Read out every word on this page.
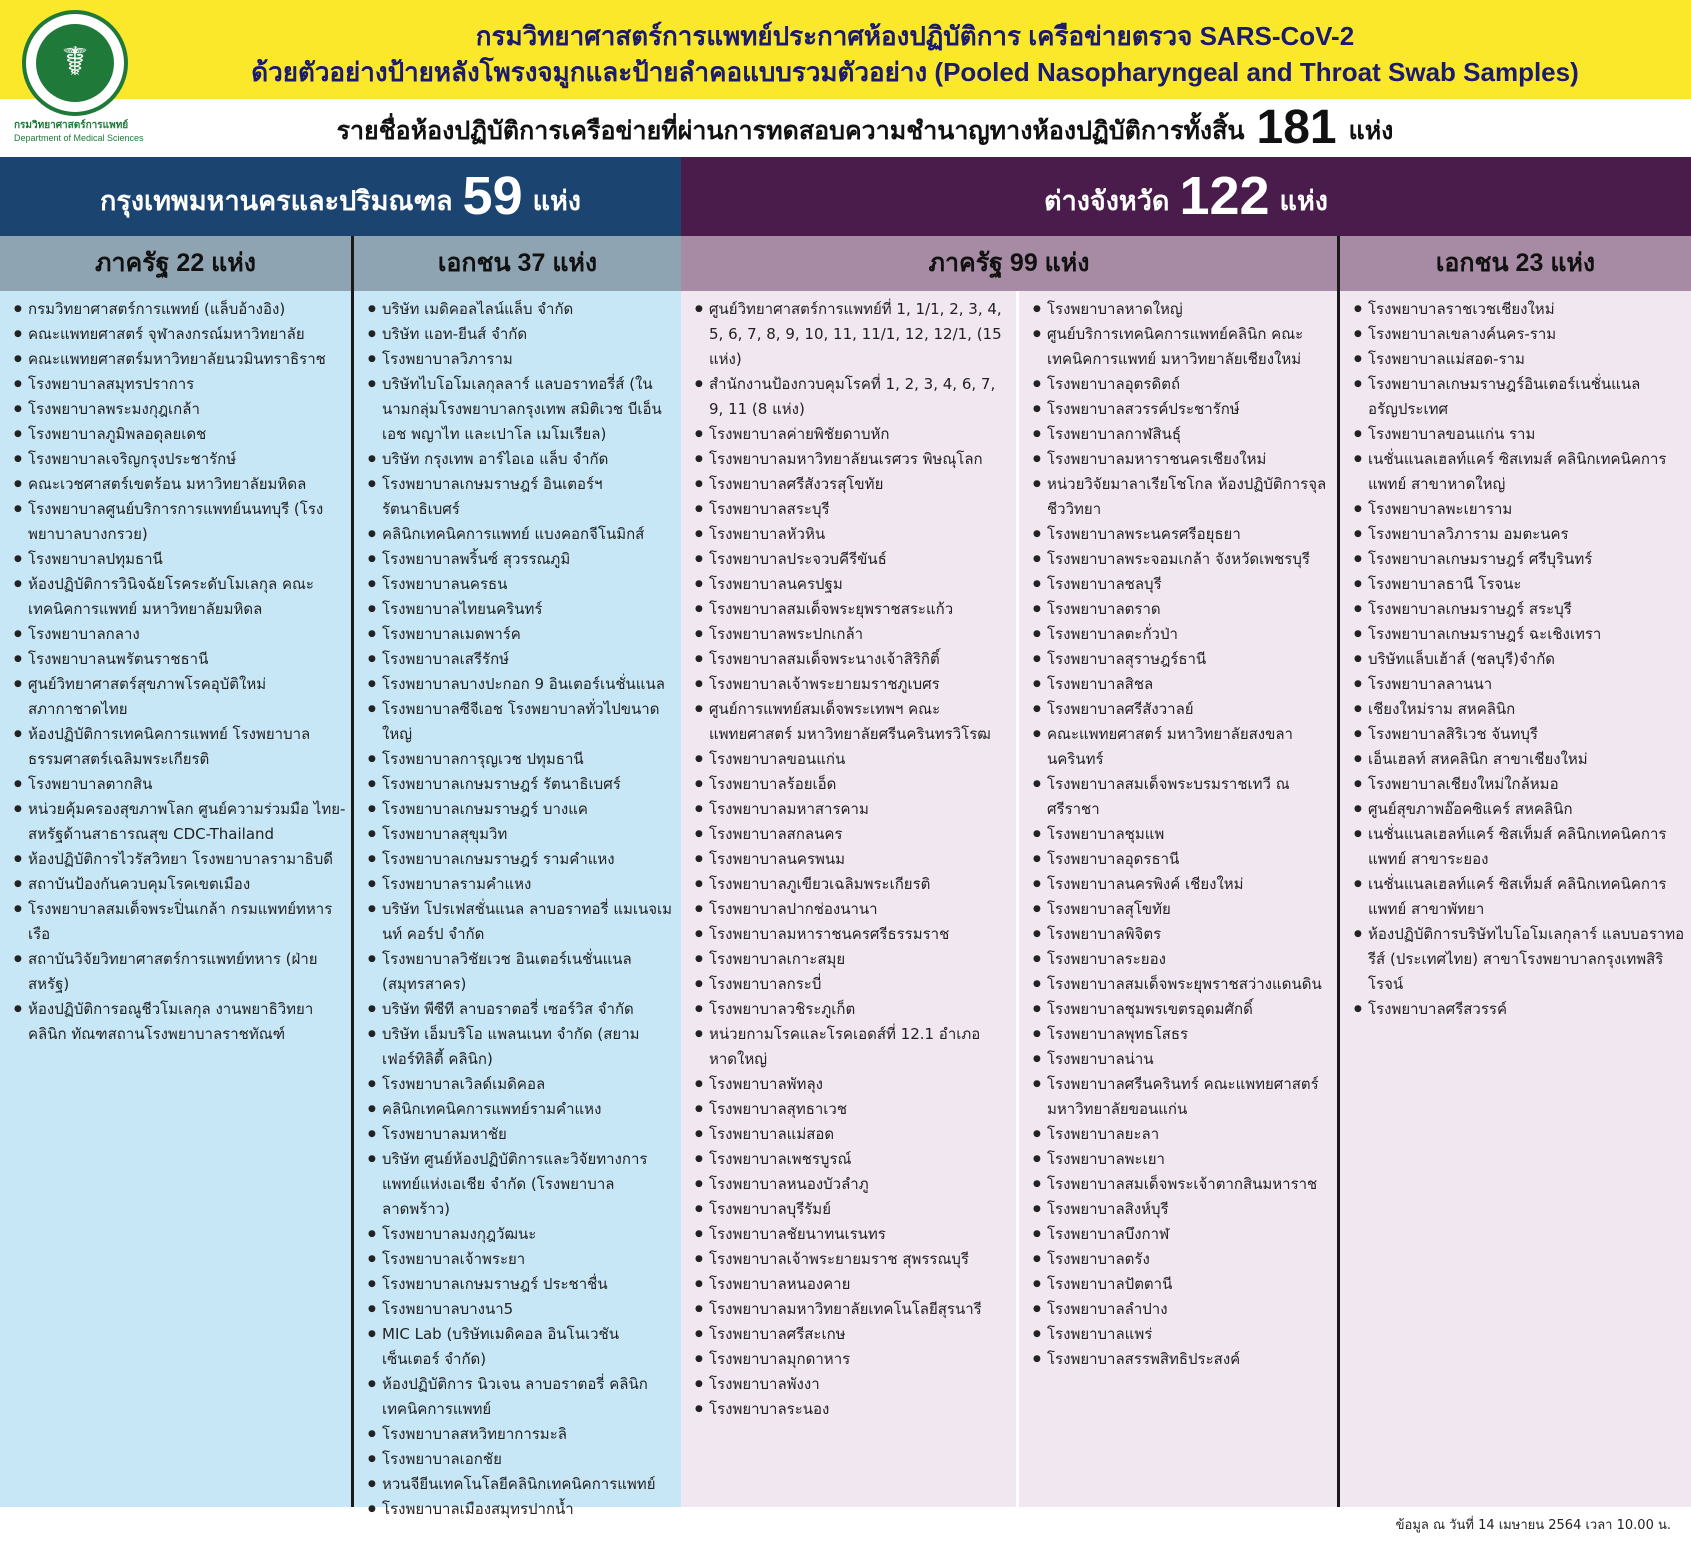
☤
กรมวิทยาศาสตร์การแพทย์ประกาศห้องปฏิบัติการ เครือข่ายตรวจ SARS-CoV-2
ด้วยตัวอย่างป้ายหลังโพรงจมูกและป้ายลำคอแบบรวมตัวอย่าง (Pooled Nasopharyngeal and Throat Swab Samples)
กรมวิทยาศาสตร์การแพทย์
Department of Medical Sciences	รายชื่อห้องปฏิบัติการเครือข่ายที่ผ่านการทดสอบความชำนาญทางห้องปฏิบัติการทั้งสิ้น 181 แห่ง
กรุงเทพมหานครและปริมณฑล 59 แห่ง	ต่างจังหวัด 122 แห่ง
ภาครัฐ 22 แห่ง	เอกชน 37 แห่ง	ภาครัฐ 99 แห่ง	เอกชน 23 แห่ง
● กรมวิทยาศาสตร์การแพทย์ (แล็บอ้างอิง)
● คณะแพทยศาสตร์ จุฬาลงกรณ์มหาวิทยาลัย
● คณะแพทยศาสตร์มหาวิทยาลัยนวมินทราธิราช
● โรงพยาบาลสมุทรปราการ
● โรงพยาบาลพระมงกุฎเกล้า
● โรงพยาบาลภูมิพลอดุลยเดช
● โรงพยาบาลเจริญกรุงประชารักษ์
● คณะเวชศาสตร์เขตร้อน มหาวิทยาลัยมหิดล
● โรงพยาบาลศูนย์บริการการแพทย์นนทบุรี (โรงพยาบาลบางกรวย)
● โรงพยาบาลปทุมธานี
● ห้องปฏิบัติการวินิจฉัยโรคระดับโมเลกุล คณะเทคนิคการแพทย์ มหาวิทยาลัยมหิดล
● โรงพยาบาลกลาง
● โรงพยาบาลนพรัตนราชธานี
● ศูนย์วิทยาศาสตร์สุขภาพโรคอุบัติใหม่ สภากาชาดไทย
● ห้องปฏิบัติการเทคนิคการแพทย์ โรงพยาบาลธรรมศาสตร์เฉลิมพระเกียรติ
● โรงพยาบาลตากสิน
● หน่วยคุ้มครองสุขภาพโลก ศูนย์ความร่วมมือ ไทย-สหรัฐด้านสาธารณสุข CDC-Thailand
● ห้องปฏิบัติการไวรัสวิทยา โรงพยาบาลรามาธิบดี
● สถาบันป้องกันควบคุมโรคเขตเมือง
● โรงพยาบาลสมเด็จพระปิ่นเกล้า กรมแพทย์ทหารเรือ
● สถาบันวิจัยวิทยาศาสตร์การแพทย์ทหาร (ฝ่ายสหรัฐ)
● ห้องปฏิบัติการอณูชีวโมเลกุล งานพยาธิวิทยาคลินิก ทัณฑสถานโรงพยาบาลราชทัณฑ์
● บริษัท เมดิคอลไลน์แล็บ จำกัด
● บริษัท แอท-ยีนส์ จำกัด
● โรงพยาบาลวิภาราม
● บริษัทไบโอโมเลกุลลาร์ แลบอราทอรี่ส์ (ในนามกลุ่มโรงพยาบาลกรุงเทพ สมิติเวช บีเอ็นเอช พญาไท และเปาโล เมโมเรียล)
● บริษัท กรุงเทพ อาร์ไอเอ แล็บ จำกัด
● โรงพยาบาลเกษมราษฎร์ อินเตอร์ฯ รัตนาธิเบศร์
● คลินิกเทคนิคการแพทย์ แบงคอกจีโนมิกส์
● โรงพยาบาลพริ้นซ์ สุวรรณภูมิ
● โรงพยาบาลนครธน
● โรงพยาบาลไทยนครินทร์
● โรงพยาบาลเมดพาร์ค
● โรงพยาบาลเสรีรักษ์
● โรงพยาบาลบางปะกอก 9 อินเตอร์เนชั่นแนล
● โรงพยาบาลซีจีเอช โรงพยาบาลทั่วไปขนาดใหญ่
● โรงพยาบาลการุญเวช ปทุมธานี
● โรงพยาบาลเกษมราษฎร์ รัตนาธิเบศร์
● โรงพยาบาลเกษมราษฎร์ บางแค
● โรงพยาบาลสุขุมวิท
● โรงพยาบาลเกษมราษฎร์ รามคำแหง
● โรงพยาบาลรามคำแหง
● บริษัท โปรเฟสชั่นแนล ลาบอราทอรี่ แมเนจเมนท์ คอร์ป จำกัด
● โรงพยาบาลวิชัยเวช อินเตอร์เนชั่นแนล (สมุทรสาคร)
● บริษัท พีซีที ลาบอราตอรี่ เซอร์วิส จำกัด
● บริษัท เอ็มบริโอ แพลนเนท จำกัด (สยาม เฟอร์ทิลิตี้ คลินิก)
● โรงพยาบาลเวิลด์เมดิคอล
● คลินิกเทคนิคการแพทย์รามคำแหง
● โรงพยาบาลมหาชัย
● บริษัท ศูนย์ห้องปฏิบัติการและวิจัยทางการ แพทย์แห่งเอเชีย จำกัด (โรงพยาบาลลาดพร้าว)
● โรงพยาบาลมงกุฎวัฒนะ
● โรงพยาบาลเจ้าพระยา
● โรงพยาบาลเกษมราษฎร์ ประชาชื่น
● โรงพยาบาลบางนา5
● MIC Lab (บริษัทเมดิคอล อินโนเวชัน เซ็นเตอร์ จำกัด)
● ห้องปฏิบัติการ นิวเจน ลาบอราตอรี่ คลินิก เทคนิคการแพทย์
● โรงพยาบาลสหวิทยาการมะลิ
● โรงพยาบาลเอกชัย
● หวนจียีนเทคโนโลยีคลินิกเทคนิคการแพทย์
● โรงพยาบาลเมืองสมุทรปากน้ำ
● ศูนย์วิทยาศาสตร์การแพทย์ที่ 1, 1/1, 2, 3, 4, 5, 6, 7, 8, 9, 10, 11, 11/1, 12, 12/1, (15 แห่ง)
● สำนักงานป้องกวบคุมโรคที่ 1, 2, 3, 4, 6, 7, 9, 11 (8 แห่ง)
● โรงพยาบาลค่ายพิชัยดาบหัก
● โรงพยาบาลมหาวิทยาลัยนเรศวร พิษณุโลก
● โรงพยาบาลศรีสังวรสุโขทัย
● โรงพยาบาลสระบุรี
● โรงพยาบาลหัวหิน
● โรงพยาบาลประจวบคีรีขันธ์
● โรงพยาบาลนครปฐม
● โรงพยาบาลสมเด็จพระยุพราชสระแก้ว
● โรงพยาบาลพระปกเกล้า
● โรงพยาบาลสมเด็จพระนางเจ้าสิริกิติ์
● โรงพยาบาลเจ้าพระยายมราชภูเบศร
● ศูนย์การแพทย์สมเด็จพระเทพฯ คณะแพทยศาสตร์ มหาวิทยาลัยศรีนครินทรวิโรฒ
● โรงพยาบาลขอนแก่น
● โรงพยาบาลร้อยเอ็ด
● โรงพยาบาลมหาสารคาม
● โรงพยาบาลสกลนคร
● โรงพยาบาลนครพนม
● โรงพยาบาลภูเขียวเฉลิมพระเกียรติ
● โรงพยาบาลปากช่องนานา
● โรงพยาบาลมหาราชนครศรีธรรมราช
● โรงพยาบาลเกาะสมุย
● โรงพยาบาลกระบี่
● โรงพยาบาลวชิระภูเก็ต
● หน่วยกามโรคและโรคเอดส์ที่ 12.1 อำเภอหาดใหญ่
● โรงพยาบาลพัทลุง
● โรงพยาบาลสุทธาเวช
● โรงพยาบาลแม่สอด
● โรงพยาบาลเพชรบูรณ์
● โรงพยาบาลหนองบัวลำภู
● โรงพยาบาลบุรีรัมย์
● โรงพยาบาลชัยนาทนเรนทร
● โรงพยาบาลเจ้าพระยายมราช สุพรรณบุรี
● โรงพยาบาลหนองคาย
● โรงพยาบาลมหาวิทยาลัยเทคโนโลยีสุรนารี
● โรงพยาบาลศรีสะเกษ
● โรงพยาบาลมุกดาหาร
● โรงพยาบาลพังงา
● โรงพยาบาลระนอง
● โรงพยาบาลหาดใหญ่
● ศูนย์บริการเทคนิคการแพทย์คลินิก คณะเทคนิคการแพทย์ มหาวิทยาลัยเชียงใหม่
● โรงพยาบาลอุตรดิตถ์
● โรงพยาบาลสวรรค์ประชารักษ์
● โรงพยาบาลกาฬสินธุ์
● โรงพยาบาลมหาราชนครเชียงใหม่
● หน่วยวิจัยมาลาเรียโชโกล ห้องปฏิบัติการจุลชีววิทยา
● โรงพยาบาลพระนครศรีอยุธยา
● โรงพยาบาลพระจอมเกล้า จังหวัดเพชรบุรี
● โรงพยาบาลชลบุรี
● โรงพยาบาลตราด
● โรงพยาบาลตะกั่วป่า
● โรงพยาบาลสุราษฎร์ธานี
● โรงพยาบาลสิชล
● โรงพยาบาลศรีสังวาลย์
● คณะแพทยศาสตร์ มหาวิทยาลัยสงขลานครินทร์
● โรงพยาบาลสมเด็จพระบรมราชเทวี ณ ศรีราชา
● โรงพยาบาลชุมแพ
● โรงพยาบาลอุดรธานี
● โรงพยาบาลนครพิงค์ เชียงใหม่
● โรงพยาบาลสุโขทัย
● โรงพยาบาลพิจิตร
● โรงพยาบาลระยอง
● โรงพยาบาลสมเด็จพระยุพราชสว่างแดนดิน
● โรงพยาบาลชุมพรเขตรอุดมศักดิ์
● โรงพยาบาลพุทธโสธร
● โรงพยาบาลน่าน
● โรงพยาบาลศรีนครินทร์ คณะแพทยศาสตร์ มหาวิทยาลัยขอนแก่น
● โรงพยาบาลยะลา
● โรงพยาบาลพะเยา
● โรงพยาบาลสมเด็จพระเจ้าตากสินมหาราช
● โรงพยาบาลสิงห์บุรี
● โรงพยาบาลบึงกาฬ
● โรงพยาบาลตรัง
● โรงพยาบาลปัตตานี
● โรงพยาบาลลำปาง
● โรงพยาบาลแพร่
● โรงพยาบาลสรรพสิทธิประสงค์
● โรงพยาบาลราชเวชเชียงใหม่
● โรงพยาบาลเขลางค์นคร-ราม
● โรงพยาบาลแม่สอด-ราม
● โรงพยาบาลเกษมราษฎร์อินเตอร์เนชั่นแนล อรัญประเทศ
● โรงพยาบาลขอนแก่น ราม
● เนชั่นแนลเฮลท์แคร์ ซิสเทมส์ คลินิกเทคนิคการแพทย์ สาขาหาดใหญ่
● โรงพยาบาลพะเยาราม
● โรงพยาบาลวิภาราม อมตะนคร
● โรงพยาบาลเกษมราษฎร์ ศรีบุรินทร์
● โรงพยาบาลธานี โรจนะ
● โรงพยาบาลเกษมราษฎร์ สระบุรี
● โรงพยาบาลเกษมราษฎร์ ฉะเชิงเทรา
● บริษัทแล็บเฮ้าส์ (ชลบุรี)จำกัด
● โรงพยาบาลลานนา
● เชียงใหม่ราม สหคลินิก
● โรงพยาบาลสิริเวช จันทบุรี
● เอ็นเฮลท์ สหคลินิก สาขาเชียงใหม่
● โรงพยาบาลเชียงใหม่ใกล้หมอ
● ศูนย์สุขภาพอ๊อคซิแคร์ สหคลินิก
● เนชั่นแนลเฮลท์แคร์ ซิสเท็มส์ คลินิกเทคนิคการแพทย์ สาขาระยอง
● เนชั่นแนลเฮลท์แคร์ ซิสเท็มส์ คลินิกเทคนิคการแพทย์ สาขาพัทยา
● ห้องปฏิบัติการบริษัทไบโอโมเลกุลาร์ แลบบอราทอรีส์ (ประเทศไทย) สาขาโรงพยาบาลกรุงเทพสิริโรจน์
● โรงพยาบาลศรีสวรรค์
ข้อมูล ณ วันที่ 14 เมษายน 2564 เวลา 10.00 น.
